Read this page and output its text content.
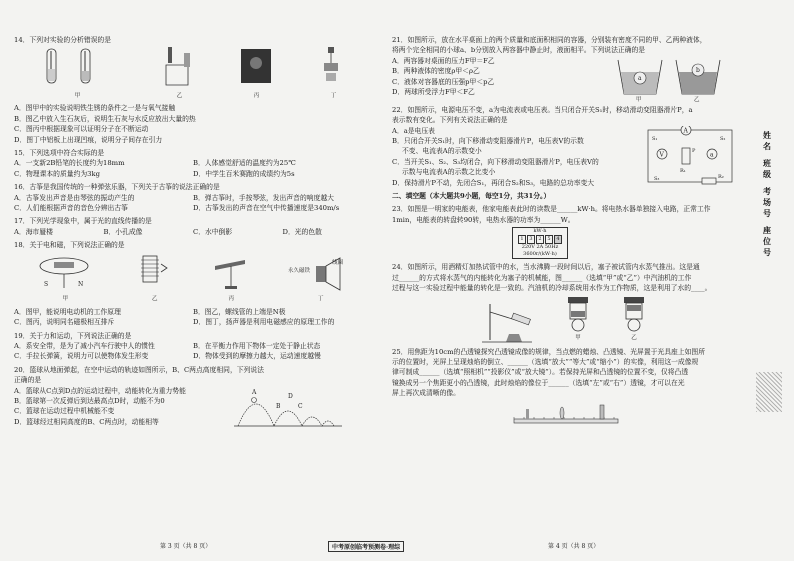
14．下列对实验的分析错误的是
甲	乙	丙	丁
A．图甲中的实验说明铁生锈的条件之一是与氧气接触
B．图乙中放入生石灰后，说明生石灰与水反应放出大量的热
C．图丙中根据现象可以证明分子在不断运动
D．图丁中铝板上出现凹痕，说明分子间存在引力
15．下列选项中符合实际的是
A．一支新2B铅笔的长度约为18mm	B．人体感觉舒适的温度约为25℃
C．物理课本的质量约为3kg	D．中学生百米赛跑的成绩约为5s
16．古筝是我国传统的一种弹弦乐器，下列关于古筝的说法正确的是
A．古筝发出声音是由琴弦的振动产生的	B．弹古筝时，手按琴弦，发出声音的响度越大
C．人们能根据声音的音色分辨出古筝	D．古筝发出的声音在空气中传播速度是340m/s
17．下列光学现象中，属于光的直线传播的是
A．海市蜃楼	B．小孔成像	C．水中倒影	D．光的色散
18．关于电和磁，下列说法正确的是
S	N
甲	乙	丙
永久磁铁
线圈
丁
A．图甲，能说明电动机的工作原理	B．图乙，螺线管的上端是N极
C．图丙，说明同名磁极相互排斥	D．图丁，扬声器是利用电磁感应的原理工作的
19．关于力和运动，下列说法正确的是
A．系安全带，是为了减小汽车行驶中人的惯性	B．在平衡力作用下物体一定处于静止状态
C．手拉长弹簧，说明力可以使物体发生形变	D．物体受到的摩擦力越大，运动速度越慢
20．篮球从地面弹起，在空中运动的轨迹如图所示，B、C两点高度相同，下列说法
正确的是
A．篮球从C点到D点的运动过程中，动能转化为重力势能
B．篮球第一次反弹后到达最高点D时，动能不为0
C．篮球在运动过程中机械能不变
D．篮球经过相同高度的B、C两点时，动能相等
A
B	C
D
21．如图所示，放在水平桌面上的两个质量和底面积相同的容器，分别装有密度不同的甲、乙两种液体，
将两个完全相同的小球a、b分别放入两容器中静止时，液面相平。下列说法正确的是
A．两容器对桌面的压力F甲＝F乙
B．两种液体的密度ρ甲＜ρ乙
C．液体对容器底的压强p甲＜p乙
D．两球所受浮力F甲＜F乙
a
b
甲	乙
22．如图所示，电源电压不变，a为电流表或电压表。当只闭合开关S₁时，移动滑动变阻器滑片P，a
表示数有变化。下列有关说法正确的是
A．a是电压表
B．只闭合开关S₁时，向下移滑动变阻器滑片P，电压表V的示数
不变、电流表A的示数变小
C．当开关S₁、S₂、S₃均闭合，向下移滑动变阻器滑片P，电压表V的
示数与电流表A的示数之比变小
D．保持滑片P不动，先闭合S₁，再闭合S₂和S₃，电路的总功率变大
A
V	a
P
R₁
R₂
S₁	S₂
S₃
二、填空题（本大题共9小题，每空1分，共31分。）
23．如图是一明家的电能表，他家电能表此时的读数是______kW·h。将电热水器单独接入电路，正常工作
1min，电能表的转盘转90转，电热水器的功率为______W。
kW·h
1	3	2	5	4
220V 2A 50Hz
3600r/(kW·h)
24．如图所示，用酒精灯加热试管中的水，当水沸腾一段时间以后，塞子被试管内水蒸气推出。这是通
过______的方式将水蒸气的内能转化为塞子的机械能，图______（选填“甲”或“乙”）中汽油机的工作
过程与这一实验过程中能量的转化是一致的。汽油机的冷却系统用水作为工作物质，这是利用了水的____。
甲	乙
25．用焦距为10cm的凸透镜探究凸透镜成像的规律，当点燃的蜡烛、凸透镜、光屏置于光具座上如图所
示的位置时，光屏上呈现烛焰的倒立、______（选填“放大”“等大”或“缩小”）的实像，利用这一成像规
律可制成______（选填“照相机”“投影仪”或“放大镜”）。若保持光屏和凸透镜的位置不变，仅将凸透
镜换成另一个焦距更小的凸透镜，此时烛焰的像位于______（选填“左”或“右”）透镜，才可以在光
屏上再次成清晰的像。
第 3 页（共 8 页）	中考原创临考预测卷·理综	第 4 页（共 8 页）
姓
名
班
级
考
场
号
座
位
号
